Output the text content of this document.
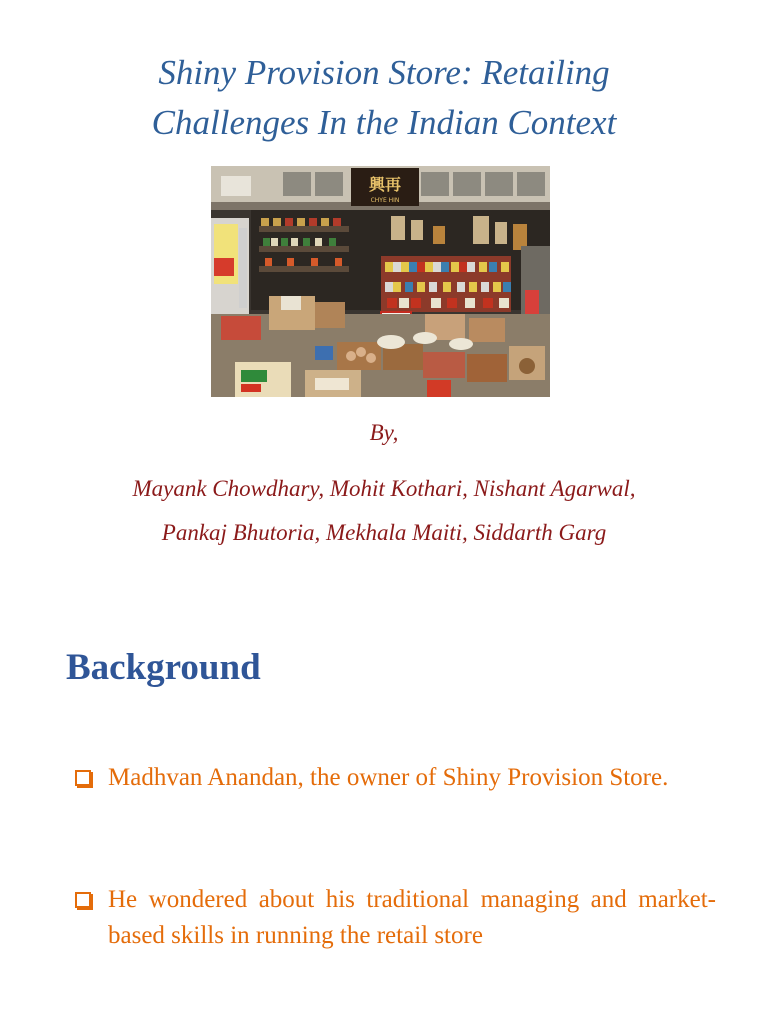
Shiny Provision Store: Retailing
Challenges In the Indian Context
興再
CHYE HIN

By,

Mayank Chowdhary, Mohit Kothari, Nishant Agarwal,

Pankaj Bhutoria, Mekhala Maiti, Siddarth Garg

Background
Madhvan Anandan, the owner of Shiny Provision Store.
He wondered about his traditional managing and market-based skills in running the retail store
